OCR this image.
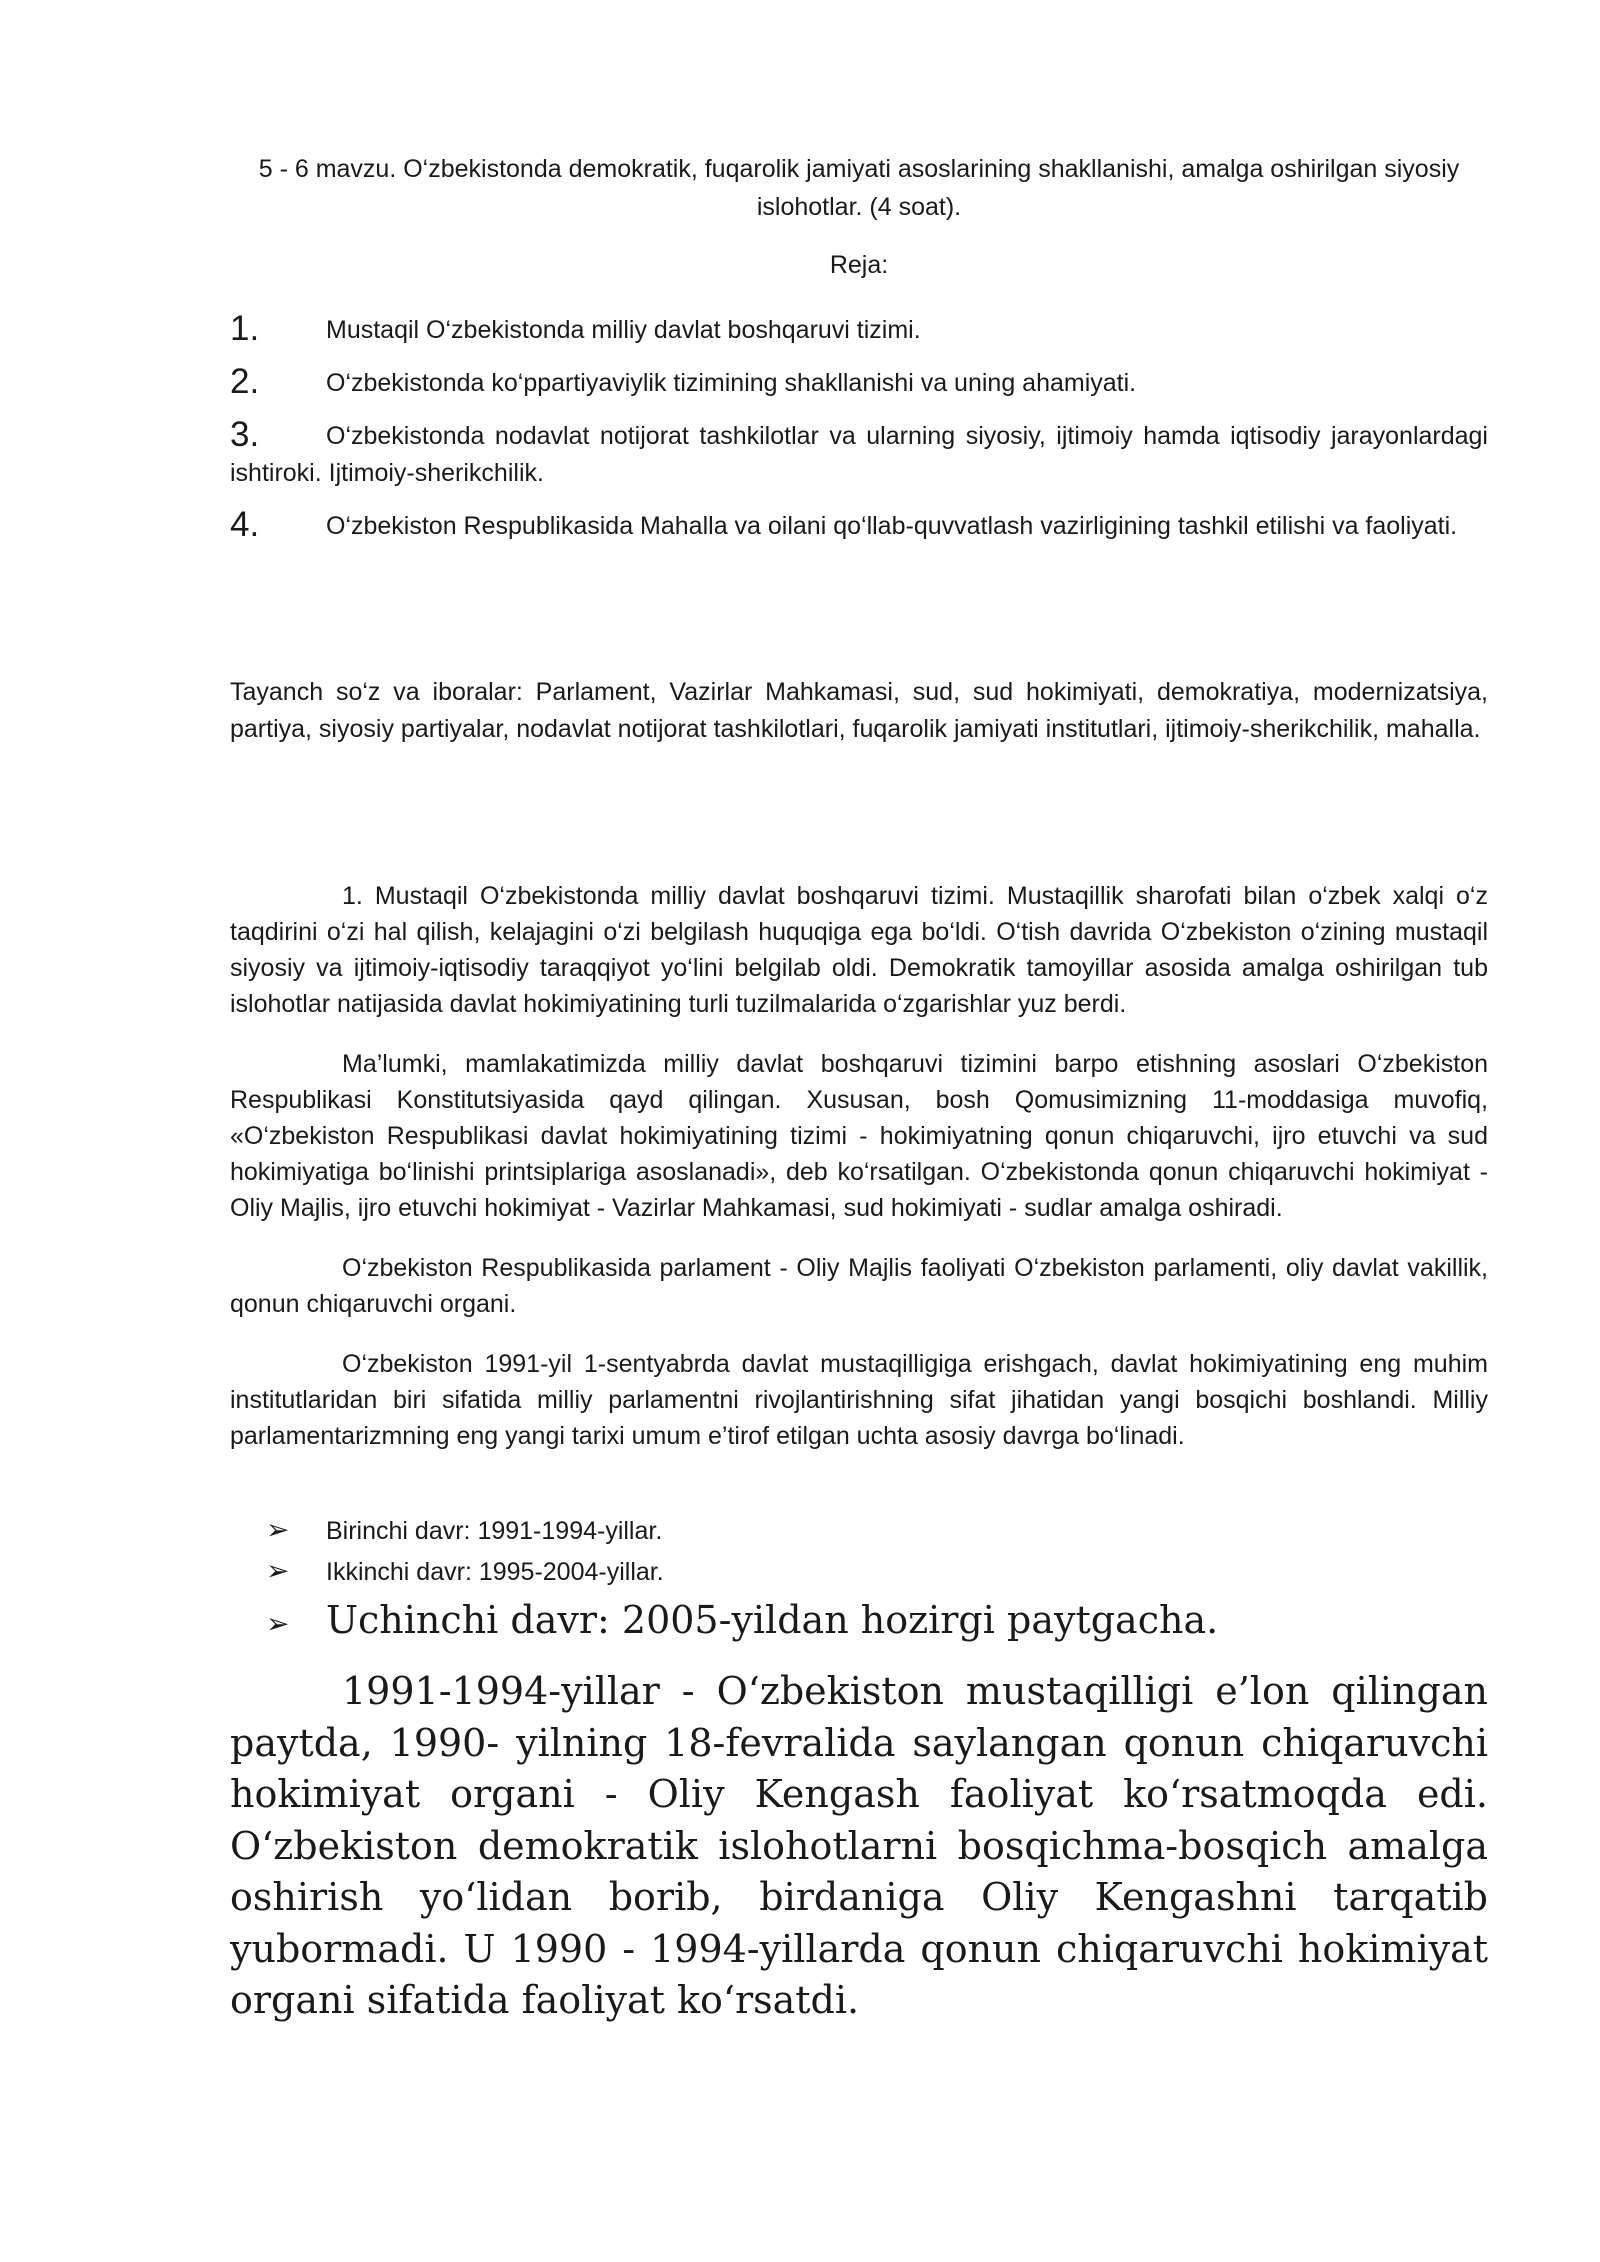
5 - 6 mavzu. O‘zbekistonda demokratik, fuqarolik jamiyati asoslarining shakllanishi, amalga oshirilgan siyosiy islohotlar. (4 soat).
Reja:
1.	Mustaqil O‘zbekistonda milliy davlat boshqaruvi tizimi.
2.	O‘zbekistonda ko‘ppartiyaviylik tizimining shakllanishi va uning ahamiyati.
3.	O‘zbekistonda nodavlat notijorat tashkilotlar va ularning siyosiy, ijtimoiy hamda iqtisodiy jarayonlardagi ishtiroki. Ijtimoiy-sherikchilik.
4.	O‘zbekiston Respublikasida Mahalla va oilani qo‘llab-quvvatlash vazirligining tashkil etilishi va faoliyati.
Tayanch so‘z va iboralar: Parlament, Vazirlar Mahkamasi, sud, sud hokimiyati, demokratiya, modernizatsiya, partiya, siyosiy partiyalar, nodavlat notijorat tashkilotlari, fuqarolik jamiyati institutlari, ijtimoiy-sherikchilik, mahalla.

1. Mustaqil O‘zbekistonda milliy davlat boshqaruvi tizimi. Mustaqillik sharofati bilan o‘zbek xalqi o‘z taqdirini o‘zi hal qilish, kelajagini o‘zi belgilash huquqiga ega bo‘ldi. O‘tish davrida O‘zbekiston o‘zining mustaqil siyosiy va ijtimoiy-iqtisodiy taraqqiyot yo‘lini belgilab oldi. Demokratik tamoyillar asosida amalga oshirilgan tub islohotlar natijasida davlat hokimiyatining turli tuzilmalarida o‘zgarishlar yuz berdi.

Ma’lumki, mamlakatimizda milliy davlat boshqaruvi tizimini barpo etishning asoslari O‘zbekiston Respublikasi Konstitutsiyasida qayd qilingan. Xususan, bosh Qomusimizning 11-moddasiga muvofiq, «O‘zbekiston Respublikasi davlat hokimiyatining tizimi - hokimiyatning qonun chiqaruvchi, ijro etuvchi va sud hokimiyatiga bo‘linishi printsiplariga asoslanadi», deb ko‘rsatilgan. O‘zbekistonda qonun chiqaruvchi hokimiyat - Oliy Majlis, ijro etuvchi hokimiyat - Vazirlar Mahkamasi, sud hokimiyati - sudlar amalga oshiradi.

O‘zbekiston Respublikasida parlament - Oliy Majlis faoliyati O‘zbekiston parlamenti, oliy davlat vakillik, qonun chiqaruvchi organi.

O‘zbekiston 1991-yil 1-sentyabrda davlat mustaqilligiga erishgach, davlat hokimiyatining eng muhim institutlaridan biri sifatida milliy parlamentni rivojlantirishning sifat jihatidan yangi bosqichi boshlandi. Milliy parlamentarizmning eng yangi tarixi umum e’tirof etilgan uchta asosiy davrga bo‘linadi.

➢	Birinchi davr: 1991-1994-yillar.
➢	Ikkinchi davr: 1995-2004-yillar.
➢ Uchinchi davr: 2005-yildan hozirgi paytgacha.

1991-1994-yillar - O‘zbekiston mustaqilligi e’lon qilingan paytda, 1990- yilning 18-fevralida saylangan qonun chiqaruvchi hokimiyat organi - Oliy Kengash faoliyat ko‘rsatmoqda edi. O‘zbekiston demokratik islohotlarni bosqichma-bosqich amalga oshirish yo‘lidan borib, birdaniga Oliy Kengashni tarqatib yubormadi. U 1990 - 1994-yillarda qonun chiqaruvchi hokimiyat organi sifatida faoliyat ko‘rsatdi.
